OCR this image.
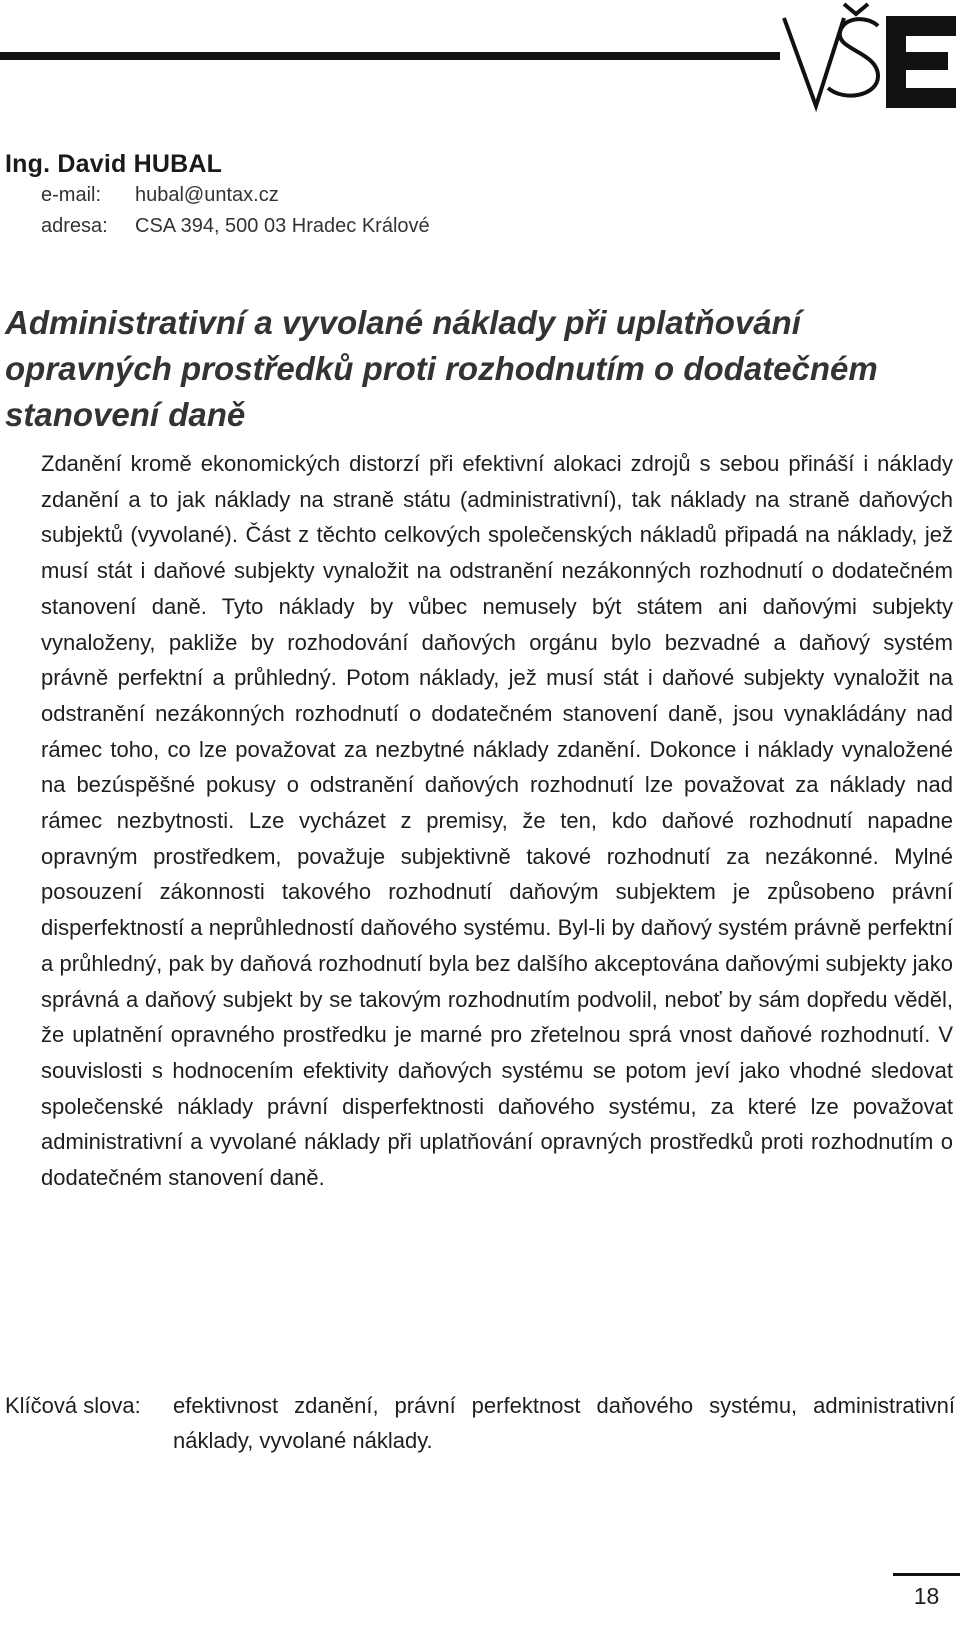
Ing. David HUBAL
e-mail: hubal@untax.cz
adresa: CSA 394, 500 03 Hradec Králové
Administrativní a vyvolané náklady při uplatňování opravných prostředků proti rozhodnutím o dodatečném stanovení daně

Zdanění kromě ekonomických distorzí při efektivní alokaci zdrojů s sebou přináší i náklady zdanění a to jak náklady na straně státu (administrativní), tak náklady na straně daňových subjektů (vyvolané). Část z těchto celkových společenských nákladů připadá na náklady, jež musí stát i daňové subjekty vynaložit na odstranění nezákonných rozhodnutí o dodatečném stanovení daně. Tyto náklady by vůbec nemusely být státem ani daňovými subjekty vynaloženy, pakliže by rozhodování daňových orgánu bylo bezvadné a daňový systém právně perfektní a průhledný. Potom náklady, jež musí stát i daňové subjekty vynaložit na odstranění nezákonných rozhodnutí o dodatečném stanovení daně, jsou vynakládány nad rámec toho, co lze považovat za nezbytné náklady zdanění. Dokonce i náklady vynaložené na bezúspěšné pokusy o odstranění daňových rozhodnutí lze považovat za náklady nad rámec nezbytnosti. Lze vycházet z premisy, že ten, kdo daňové rozhodnutí napadne opravným prostředkem, považuje subjektivně takové rozhodnutí za nezákonné. Mylné posouzení zákonnosti takového rozhodnutí daňovým subjektem je způsobeno právní disperfektností a neprůhledností daňového systému. Byl-li by daňový systém právně perfektní a průhledný, pak by daňová rozhodnutí byla bez dalšího akceptována daňovými subjekty jako správná a daňový subjekt by se takovým rozhodnutím podvolil, neboť by sám dopředu věděl, že uplatnění opravného prostředku je marné pro zřetelnou sprá vnost daňové rozhodnutí. V souvislosti s hodnocením efektivity daňových systému se potom jeví jako vhodné sledovat společenské náklady právní disperfektnosti daňového systému, za které lze považovat administrativní a vyvolané náklady při uplatňování opravných prostředků proti rozhodnutím o dodatečném stanovení daně.

Klíčová slova: efektivnost zdanění, právní perfektnost daňového systému, administrativní náklady, vyvolané náklady.
18
